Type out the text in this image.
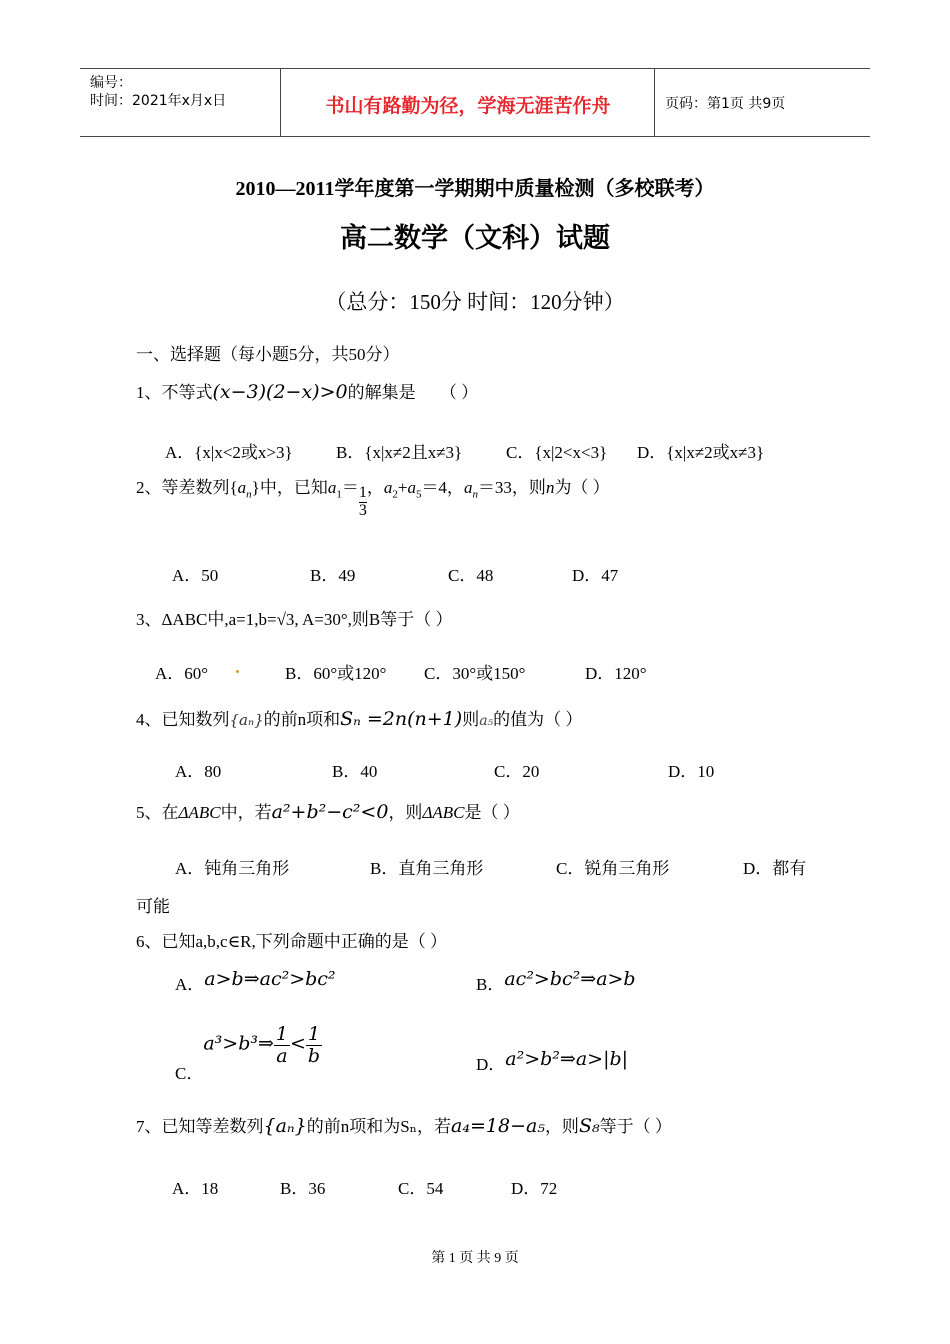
编号：
时间：2021年x月x日	书山有路勤为径，学海无涯苦作舟	页码：第1页 共9页
2010—2011学年度第一学期期中质量检测（多校联考）
高二数学（文科）试题
（总分：150分 时间：120分钟）
一、选择题（每小题5分，共50分）
1、不等式(x−3)(2−x)>0的解集是 （ ）
A．{x|x<2或x>3}	B．{x|x≠2且x≠3}	C．{x|2<x<3} D．{x|x≠2或x≠3}
2、等差数列$\{a_n\}$中，已知$a_1= \frac{1}{3}$，$a_2+a_5=4$，$a_n=33$，则n为（ ）
A．50	B．49	C．48	D．47
3、ΔABC中,a=1,b=√3, A=30°,则B等于（ ）
A．60°	B．60°或120° C．30°或150°	D．120°
4、已知数列{aₙ}的前n项和Sₙ =2n(n+1)则a₅的值为（ ）
A．80	B．40	C．20	D．10
5、在ΔABC中，若a²+b²−c²<0，则ΔABC是（ ）
A．钝角三角形	B．直角三角形	C．锐角三角形	D．都有
可能
6、已知a,b,c∈R,下列命题中正确的是（ ）
A．a>b⇒ac²>bc²	B．ac²>bc²⇒a>b
C．a³>b³⇒ $\frac{1}{a} < \frac{1}{b}$	D．a²>b²⇒a>|b|
7、已知等差数列{aₙ}的前n项和为Sₙ，若a₄=18−a₅，则S₈等于（ ）
A．18	B．36	C．54	D．72
第 1 页 共 9 页
